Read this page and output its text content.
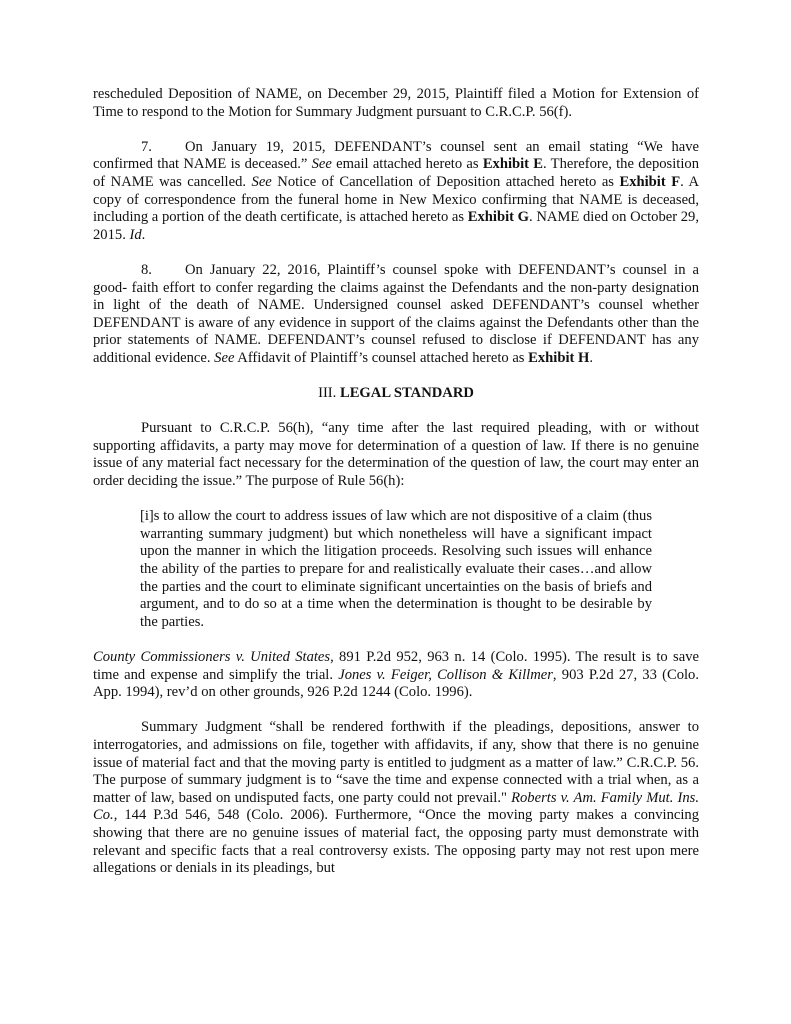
rescheduled Deposition of NAME, on December 29, 2015, Plaintiff filed a Motion for Extension of Time to respond to the Motion for Summary Judgment pursuant to C.R.C.P. 56(f).

7. On January 19, 2015, DEFENDANT’s counsel sent an email stating “We have confirmed that NAME is deceased.” See email attached hereto as Exhibit E. Therefore, the deposition of NAME was cancelled. See Notice of Cancellation of Deposition attached hereto as Exhibit F. A copy of correspondence from the funeral home in New Mexico confirming that NAME is deceased, including a portion of the death certificate, is attached hereto as Exhibit G. NAME died on October 29, 2015. Id.

8. On January 22, 2016, Plaintiff’s counsel spoke with DEFENDANT’s counsel in a good- faith effort to confer regarding the claims against the Defendants and the non-party designation in light of the death of NAME. Undersigned counsel asked DEFENDANT’s counsel whether DEFENDANT is aware of any evidence in support of the claims against the Defendants other than the prior statements of NAME. DEFENDANT’s counsel refused to disclose if DEFENDANT has any additional evidence. See Affidavit of Plaintiff’s counsel attached hereto as Exhibit H.

III. LEGAL STANDARD

Pursuant to C.R.C.P. 56(h), “any time after the last required pleading, with or without supporting affidavits, a party may move for determination of a question of law. If there is no genuine issue of any material fact necessary for the determination of the question of law, the court may enter an order deciding the issue.” The purpose of Rule 56(h):

[i]s to allow the court to address issues of law which are not dispositive of a claim (thus warranting summary judgment) but which nonetheless will have a significant impact upon the manner in which the litigation proceeds. Resolving such issues will enhance the ability of the parties to prepare for and realistically evaluate their cases…and allow the parties and the court to eliminate significant uncertainties on the basis of briefs and argument, and to do so at a time when the determination is thought to be desirable by the parties.

County Commissioners v. United States, 891 P.2d 952, 963 n. 14 (Colo. 1995). The result is to save time and expense and simplify the trial. Jones v. Feiger, Collison & Killmer, 903 P.2d 27, 33 (Colo. App. 1994), rev’d on other grounds, 926 P.2d 1244 (Colo. 1996).

Summary Judgment “shall be rendered forthwith if the pleadings, depositions, answer to interrogatories, and admissions on file, together with affidavits, if any, show that there is no genuine issue of material fact and that the moving party is entitled to judgment as a matter of law.” C.R.C.P. 56. The purpose of summary judgment is to “save the time and expense connected with a trial when, as a matter of law, based on undisputed facts, one party could not prevail." Roberts v. Am. Family Mut. Ins. Co., 144 P.3d 546, 548 (Colo. 2006). Furthermore, “Once the moving party makes a convincing showing that there are no genuine issues of material fact, the opposing party must demonstrate with relevant and specific facts that a real controversy exists. The opposing party may not rest upon mere allegations or denials in its pleadings, but
